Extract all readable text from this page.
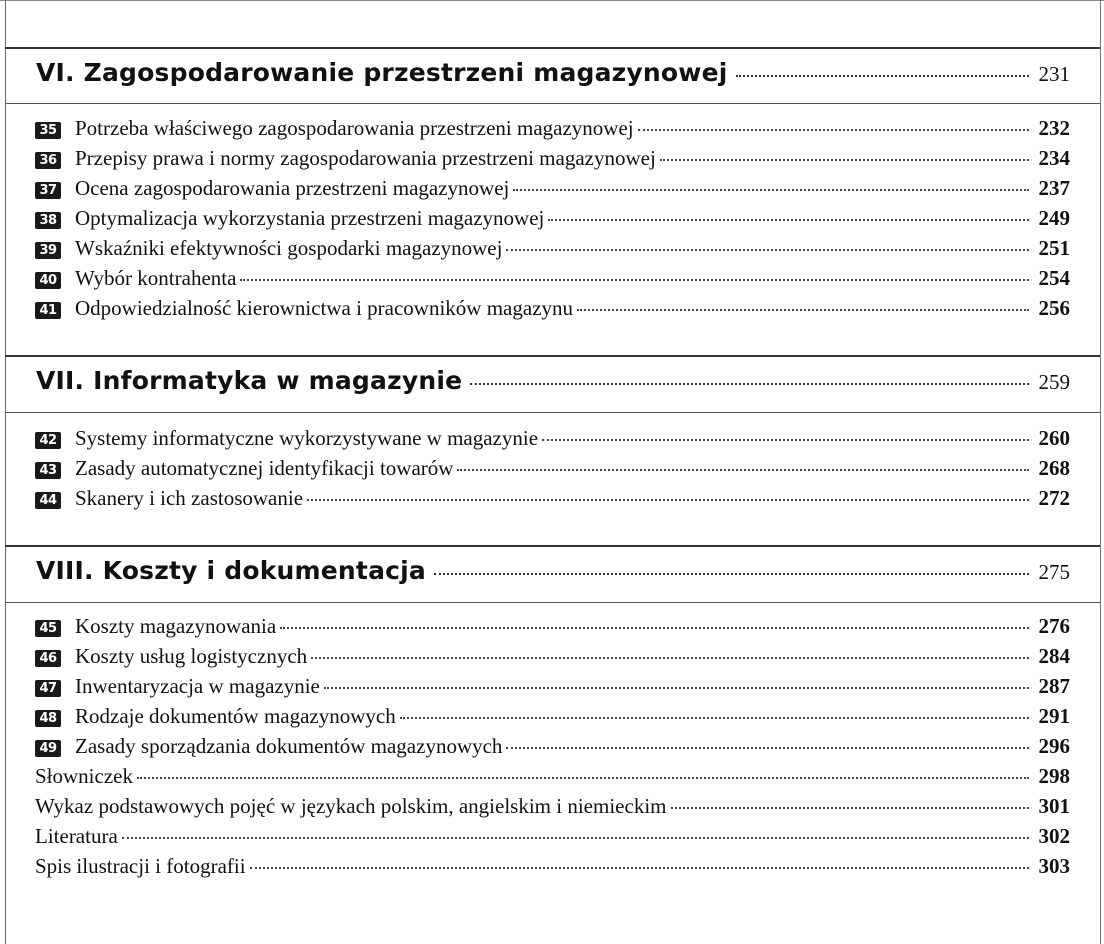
VI. Zagospodarowanie przestrzeni magazynowej	231
35 Potrzeba właściwego zagospodarowania przestrzeni magazynowej	232
36 Przepisy prawa i normy zagospodarowania przestrzeni magazynowej	234
37 Ocena zagospodarowania przestrzeni magazynowej	237
38 Optymalizacja wykorzystania przestrzeni magazynowej	249
39 Wskaźniki efektywności gospodarki magazynowej	251
40 Wybór kontrahenta	254
41 Odpowiedzialność kierownictwa i pracowników magazynu	256
VII. Informatyka w magazynie	259
42 Systemy informatyczne wykorzystywane w magazynie	260
43 Zasady automatycznej identyfikacji towarów	268
44 Skanery i ich zastosowanie	272
VIII. Koszty i dokumentacja	275
45 Koszty magazynowania	276
46 Koszty usług logistycznych	284
47 Inwentaryzacja w magazynie	287
48 Rodzaje dokumentów magazynowych	291
49 Zasady sporządzania dokumentów magazynowych	296
Słowniczek	298
Wykaz podstawowych pojęć w językach polskim, angielskim i niemieckim	301
Literatura	302
Spis ilustracji i fotografii	303
